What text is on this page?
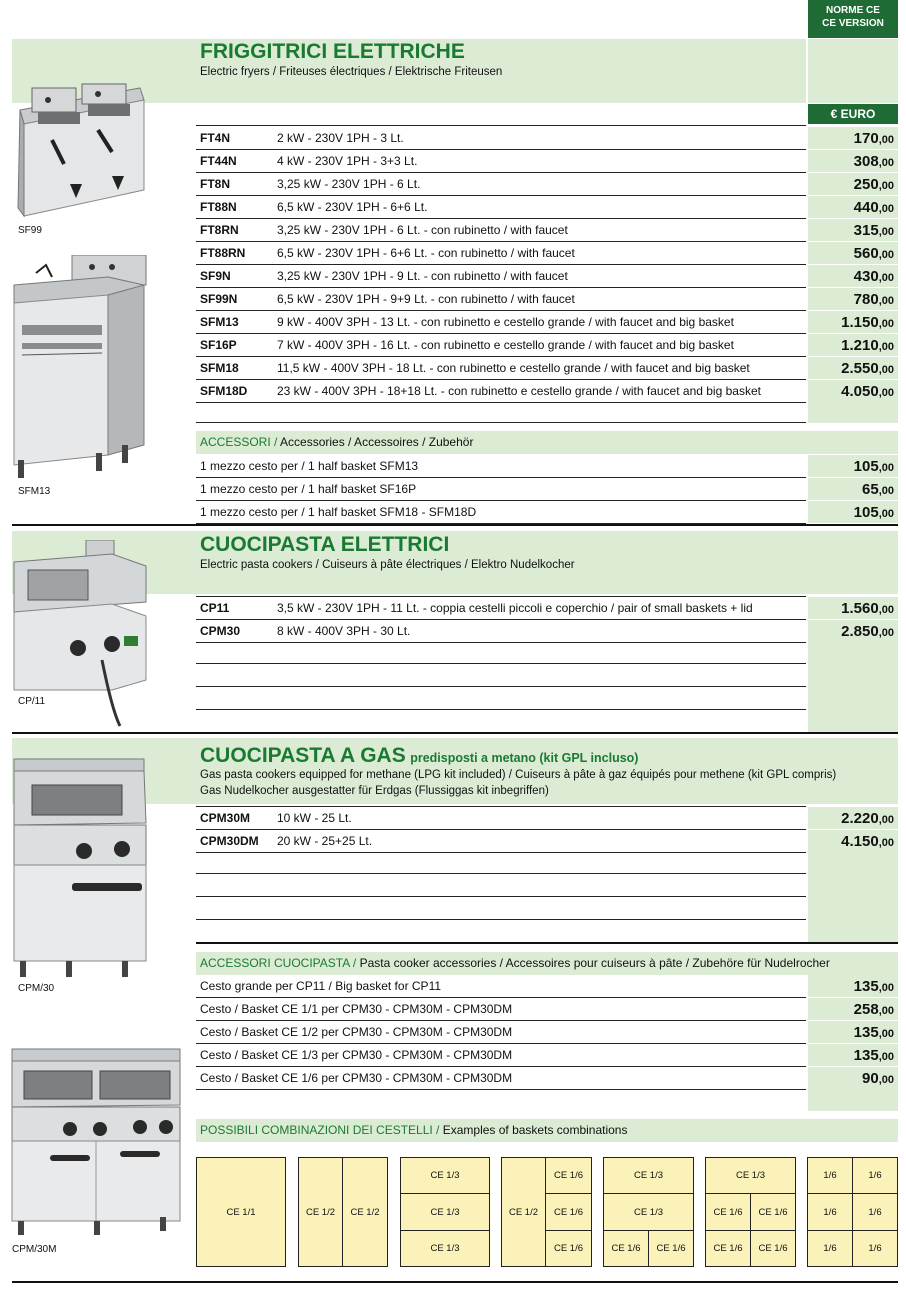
NORME CE
CE VERSION
FRIGGITRICI ELETTRICHE
Electric fryers / Friteuses électriques / Elektrische Friteusen
€ EURO
SF99
SFM13
FT4N	2 kW - 230V 1PH - 3 Lt.	170,00
FT44N	4 kW - 230V 1PH - 3+3 Lt.	308,00
FT8N	3,25 kW - 230V 1PH - 6 Lt.	250,00
FT88N	6,5 kW - 230V 1PH - 6+6 Lt.	440,00
FT8RN	3,25 kW - 230V 1PH - 6 Lt. - con rubinetto / with faucet	315,00
FT88RN	6,5 kW - 230V 1PH - 6+6 Lt. - con rubinetto / with faucet	560,00
SF9N	3,25 kW - 230V 1PH - 9 Lt. - con rubinetto / with faucet	430,00
SF99N	6,5 kW - 230V 1PH - 9+9 Lt. - con rubinetto / with faucet	780,00
SFM13	9 kW - 400V 3PH - 13 Lt. - con rubinetto e cestello grande / with faucet and big basket	1.150,00
SF16P	7 kW - 400V 3PH - 16 Lt. - con rubinetto e cestello grande / with faucet and big basket	1.210,00
SFM18	11,5 kW - 400V 3PH - 18 Lt. - con rubinetto e cestello grande / with faucet and big basket	2.550,00
SFM18D 23 kW - 400V 3PH - 18+18 Lt. - con rubinetto e cestello grande / with faucet and big basket	4.050,00
ACCESSORI / Accessories / Accessoires / Zubehör
1 mezzo cesto per / 1 half basket SFM13	105,00
1 mezzo cesto per / 1 half basket SF16P	65,00
1 mezzo cesto per / 1 half basket SFM18 - SFM18D	105,00
CUOCIPASTA ELETTRICI
Electric pasta cookers / Cuiseurs à pâte électriques / Elektro Nudelkocher
CP/11
CP11	3,5 kW - 230V 1PH - 11 Lt. - coppia cestelli piccoli e coperchio / pair of small baskets + lid	1.560,00
CPM30	8 kW - 400V 3PH - 30 Lt.	2.850,00
CUOCIPASTA A GAS predisposti a metano (kit GPL incluso)
Gas pasta cookers equipped for methane (LPG kit included) / Cuiseurs à pâte à gaz équipés pour methene (kit GPL compris)
Gas Nudelkocher ausgestatter für Erdgas (Flussiggas kit inbegriffen)
CPM/30
CPM30M 10 kW - 25 Lt.	2.220,00
CPM30DM 20 kW - 25+25 Lt.	4.150,00
ACCESSORI CUOCIPASTA / Pasta cooker accessories / Accessoires pour cuiseurs à pâte / Zubehöre für Nudelrocher
Cesto grande per CP11 / Big basket for CP11	135,00
Cesto / Basket CE 1/1 per CPM30 - CPM30M - CPM30DM	258,00
Cesto / Basket CE 1/2 per CPM30 - CPM30M - CPM30DM	135,00
Cesto / Basket CE 1/3 per CPM30 - CPM30M - CPM30DM	135,00
Cesto / Basket CE 1/6 per CPM30 - CPM30M - CPM30DM	90,00
CPM/30M
POSSIBILI COMBINAZIONI DEI CESTELLI / Examples of baskets combinations
CE 1/1	CE 1/2	CE 1/2
CE 1/3
CE 1/3
CE 1/3
CE 1/2
CE 1/6
CE 1/6
CE 1/6
CE 1/3
CE 1/3
CE 1/6	CE 1/6
CE 1/3
CE 1/6	CE 1/6
CE 1/6	CE 1/6
1/6	1/6
1/6	1/6
1/6	1/6
